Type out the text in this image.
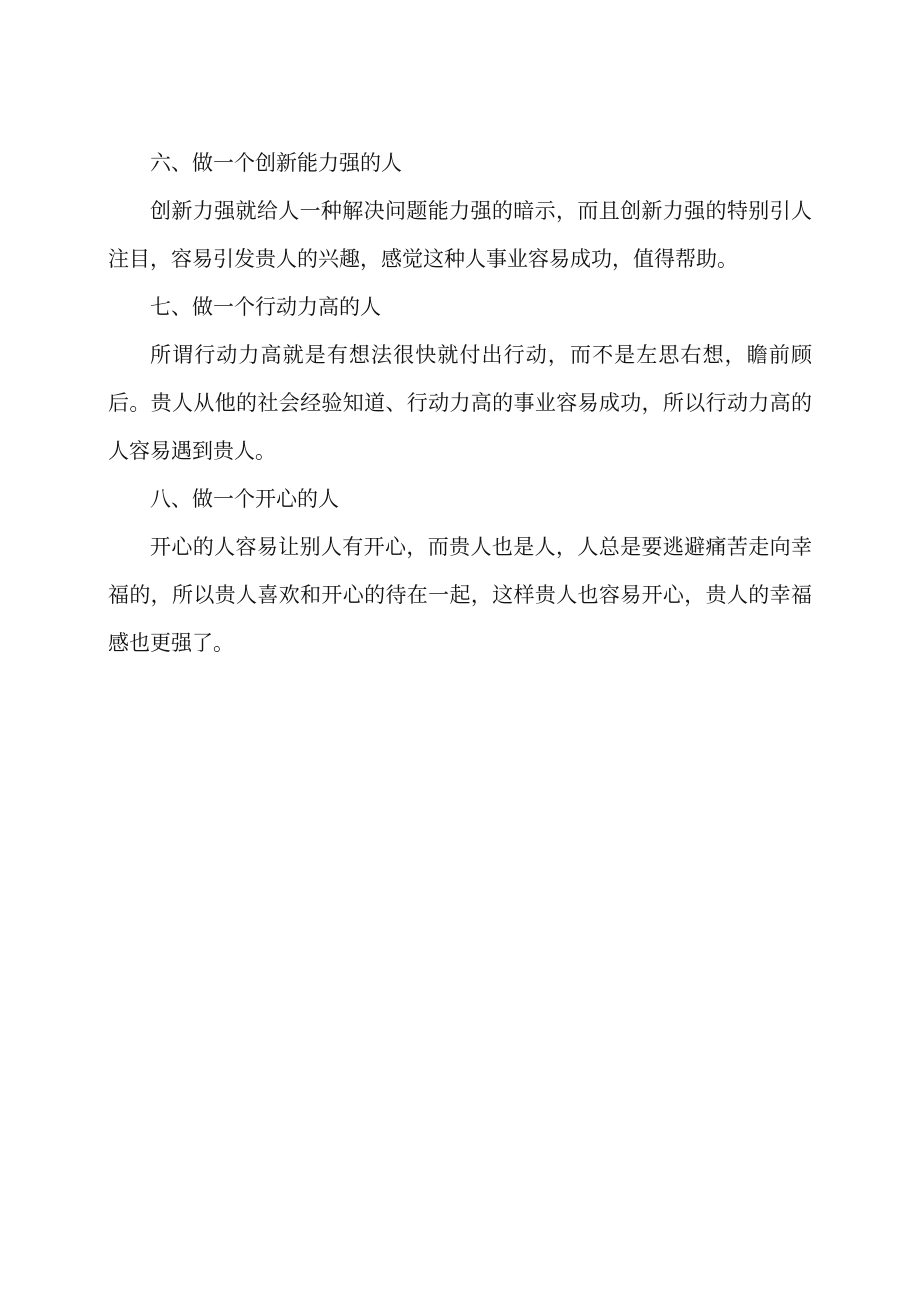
六、做一个创新能力强的人

创新力强就给人一种解决问题能力强的暗示，而且创新力强的特别引人注目，容易引发贵人的兴趣，感觉这种人事业容易成功，值得帮助。

七、做一个行动力高的人

所谓行动力高就是有想法很快就付出行动，而不是左思右想，瞻前顾后。贵人从他的社会经验知道、行动力高的事业容易成功，所以行动力高的人容易遇到贵人。

八、做一个开心的人

开心的人容易让别人有开心，而贵人也是人，人总是要逃避痛苦走向幸福的，所以贵人喜欢和开心的待在一起，这样贵人也容易开心，贵人的幸福感也更强了。
